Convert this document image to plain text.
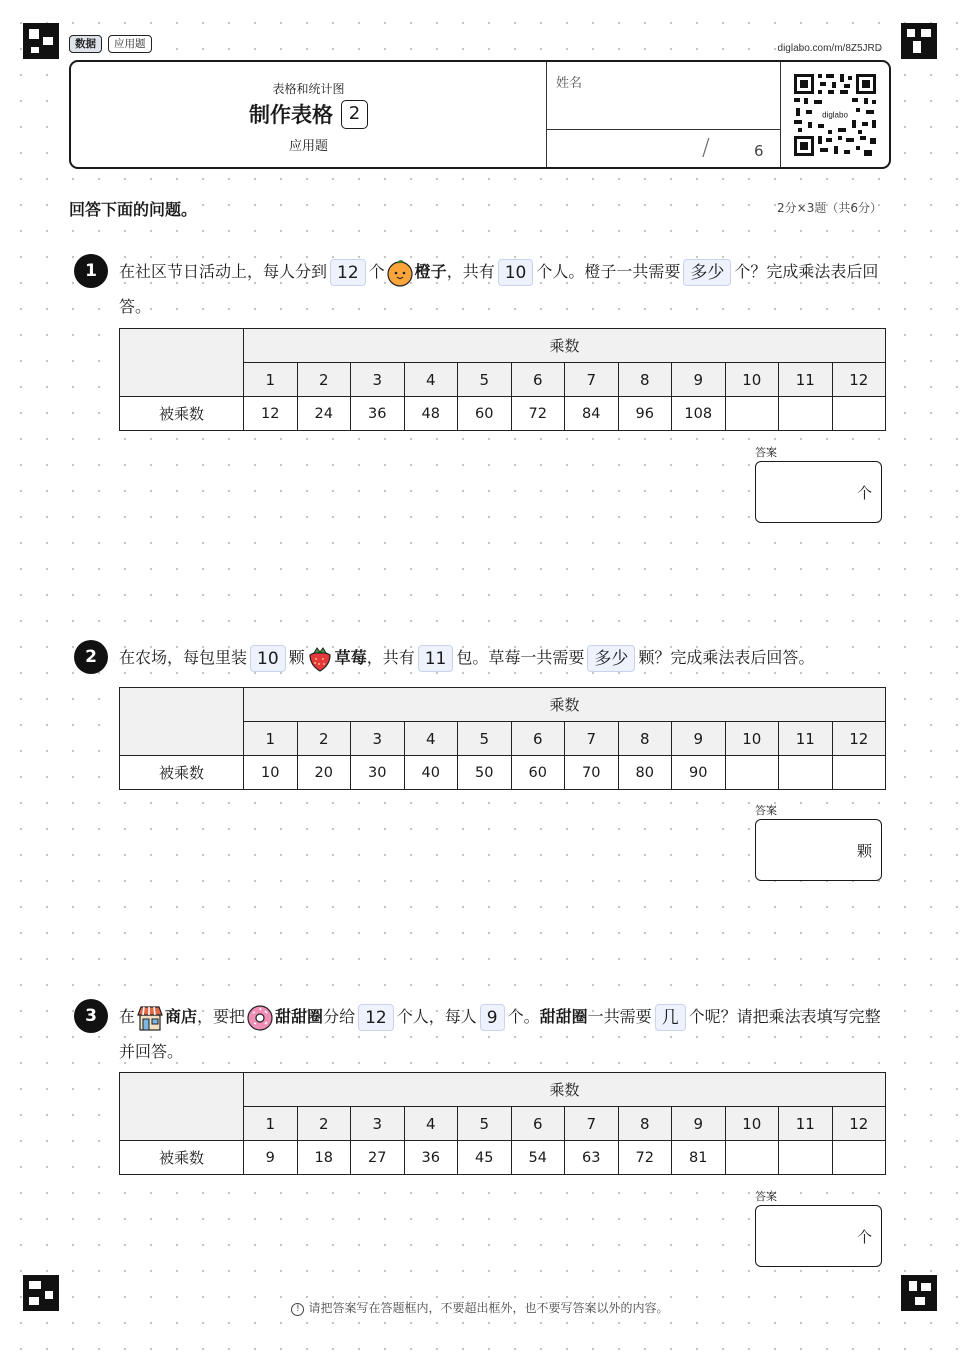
数据	应用题	diglabo.com/m/8Z5JRD
表格和统计图
制作表格 2
应用题
姓名
/	6
diglabo
回答下面的问题。	2分×3题（共6分）
1	在社区节日活动上，每人分到 12 个 橙子，共有 10 个人。橙子一共需要 多少 个？完成乘法表后回答。
	乘数											
	1	2	3	4	5	6	7	8	9	10	11	12
被乘数	12	24	36	48	60	72	84	96	108			
答案
个
2	在农场，每包里装 10 颗 草莓，共有 11 包。草莓一共需要 多少 颗？完成乘法表后回答。
	乘数											
	1	2	3	4	5	6	7	8	9	10	11	12
被乘数	10	20	30	40	50	60	70	80	90			
答案
颗
3	在 商店，要把 甜甜圈分给 12 个人，每人 9 个。甜甜圈一共需要 几 个呢？请把乘法表填写完整并回答。
	乘数											
	1	2	3	4	5	6	7	8	9	10	11	12
被乘数	9	18	27	36	45	54	63	72	81			
答案
个
! 请把答案写在答题框内，不要超出框外，也不要写答案以外的内容。
